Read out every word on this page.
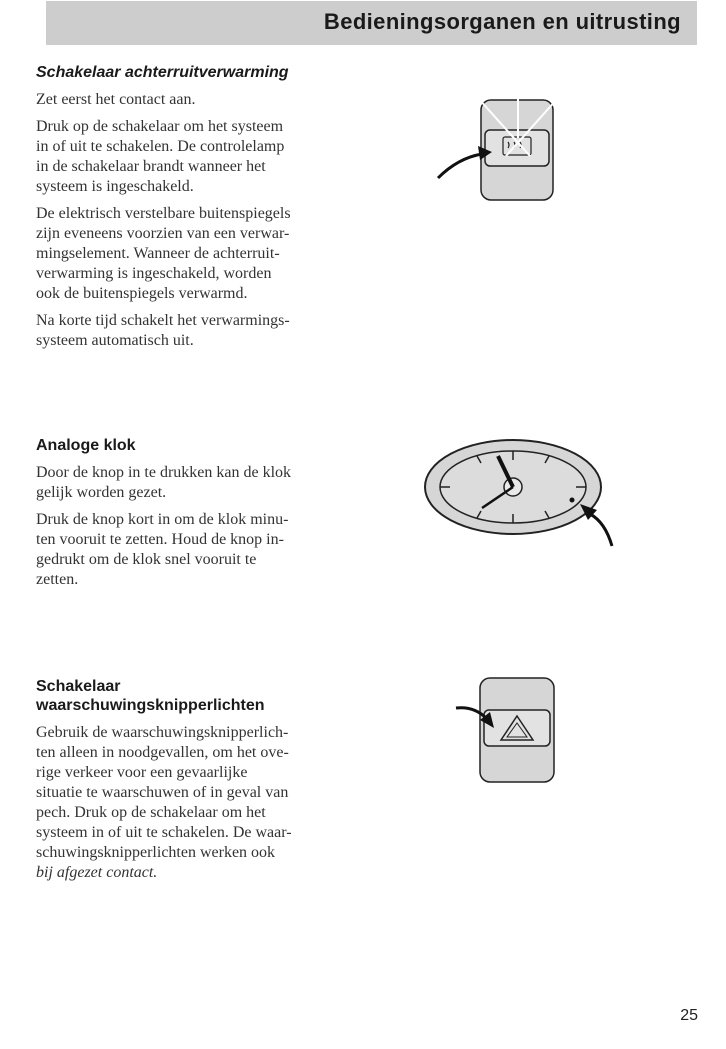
Bedieningsorganen en uitrusting
Schakelaar achterruitverwarming

Zet eerst het contact aan.

Druk op de schakelaar om het systeem
in of uit te schakelen. De controlelamp
in de schakelaar brandt wanneer het
systeem is ingeschakeld.

De elektrisch verstelbare buitenspiegels
zijn eveneens voorzien van een verwar-
mingselement. Wanneer de achterruit-
verwarming is ingeschakeld, worden
ook de buitenspiegels verwarmd.

Na korte tijd schakelt het verwarmings-
systeem automatisch uit.

Analoge klok

Door de knop in te drukken kan de klok
gelijk worden gezet.

Druk de knop kort in om de klok minu-
ten vooruit te zetten. Houd de knop in-
gedrukt om de klok snel vooruit te
zetten.

Schakelaar
waarschuwingsknipperlichten

Gebruik de waarschuwingsknipperlich-
ten alleen in noodgevallen, om het ove-
rige verkeer voor een gevaarlijke
situatie te waarschuwen of in geval van
pech. Druk op de schakelaar om het
systeem in of uit te schakelen. De waar-
schuwingsknipperlichten werken ook

bij afgezet contact.

25
